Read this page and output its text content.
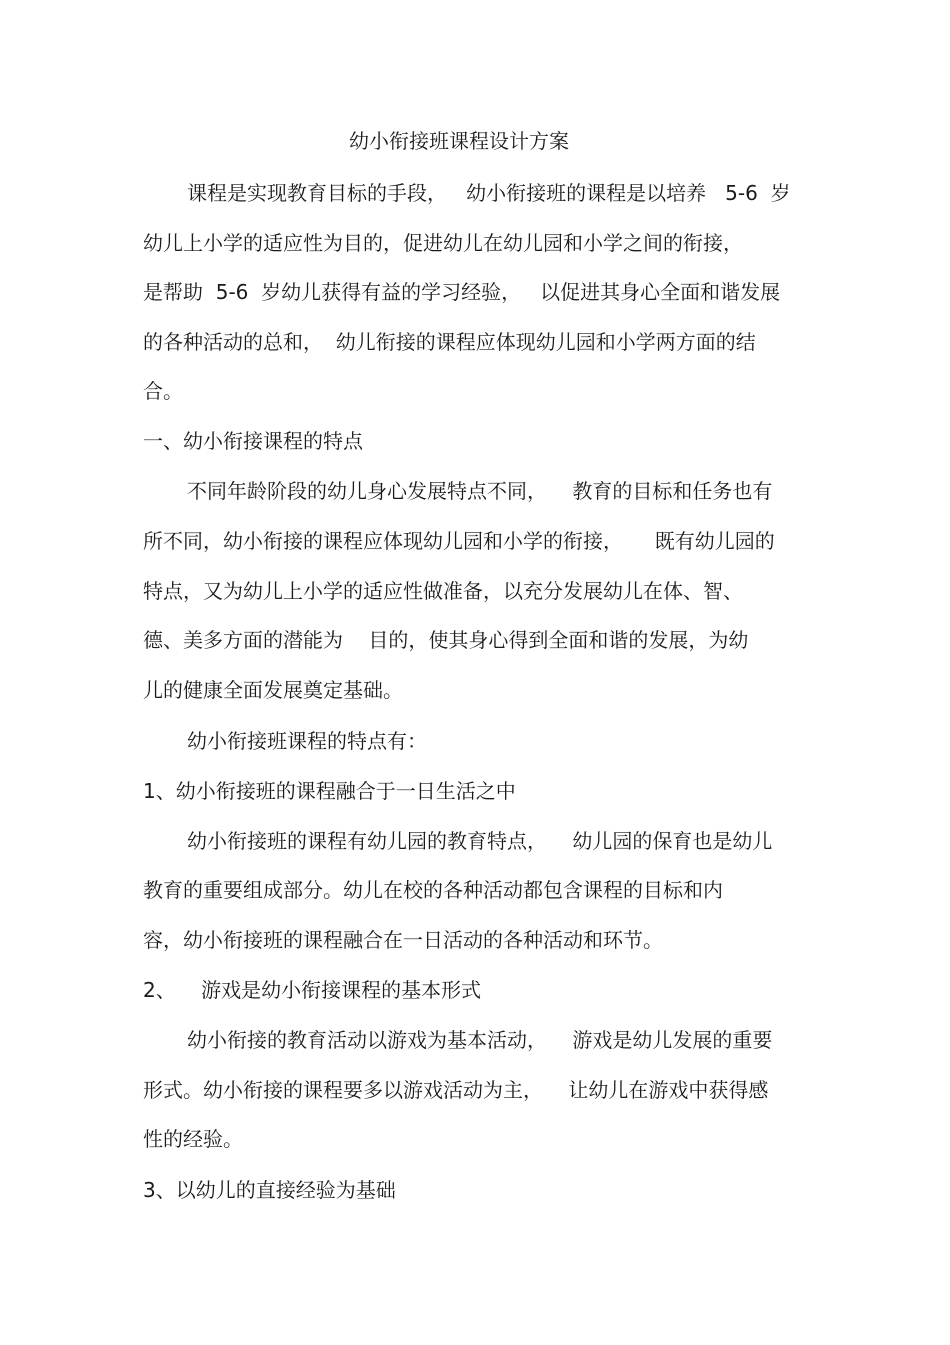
幼小衔接班课程设计方案
课程是实现教育目标的手段，   幼小衔接班的课程是以培养   5-6  岁
幼儿上小学的适应性为目的，促进幼儿在幼儿园和小学之间的衔接，
是帮助  5-6  岁幼儿获得有益的学习经验，   以促进其身心全面和谐发展
的各种活动的总和，  幼儿衔接的课程应体现幼儿园和小学两方面的结
合。
一、幼小衔接课程的特点
不同年龄阶段的幼儿身心发展特点不同，    教育的目标和任务也有
所不同，幼小衔接的课程应体现幼儿园和小学的衔接，     既有幼儿园的
特点，又为幼儿上小学的适应性做准备，以充分发展幼儿在体、智、
德、美多方面的潜能为    目的，使其身心得到全面和谐的发展，为幼
儿的健康全面发展奠定基础。
幼小衔接班课程的特点有：
1、幼小衔接班的课程融合于一日生活之中
幼小衔接班的课程有幼儿园的教育特点，    幼儿园的保育也是幼儿
教育的重要组成部分。幼儿在校的各种活动都包含课程的目标和内
容，幼小衔接班的课程融合在一日活动的各种活动和环节。
2、    游戏是幼小衔接课程的基本形式
幼小衔接的教育活动以游戏为基本活动，    游戏是幼儿发展的重要
形式。幼小衔接的课程要多以游戏活动为主，    让幼儿在游戏中获得感
性的经验。
3、以幼儿的直接经验为基础
